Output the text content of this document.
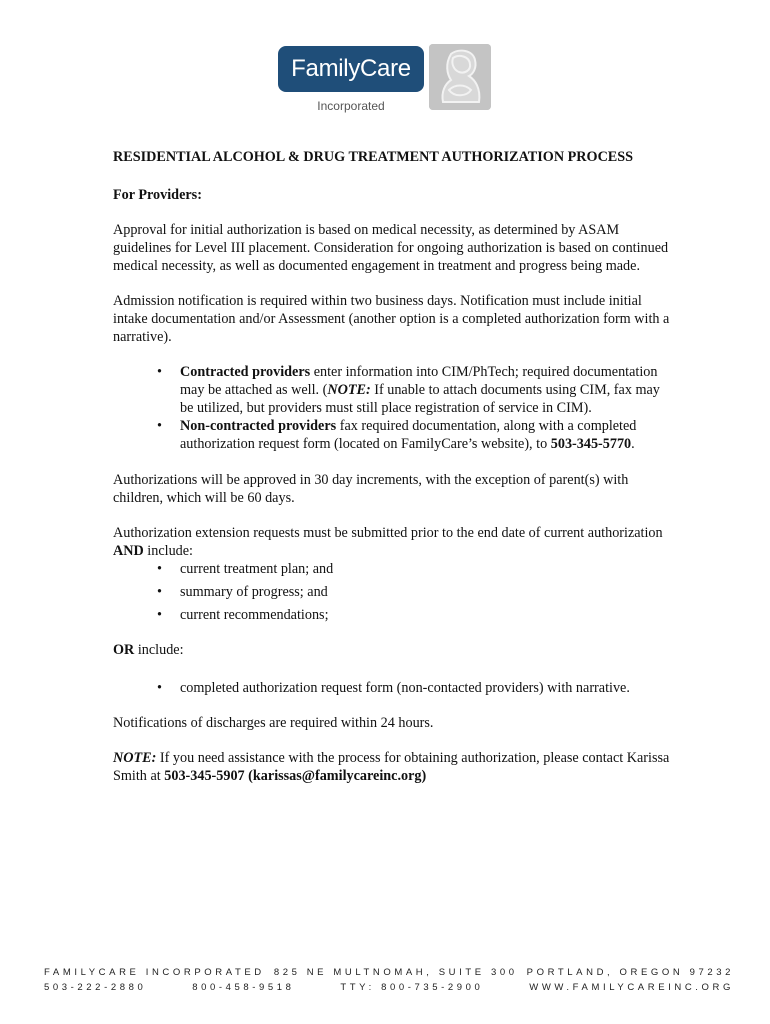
FamilyCare
Incorporated

RESIDENTIAL ALCOHOL & DRUG TREATMENT AUTHORIZATION PROCESS

For Providers:

Approval for initial authorization is based on medical necessity, as determined by ASAM guidelines for Level III placement. Consideration for ongoing authorization is based on continued medical necessity, as well as documented engagement in treatment and progress being made.

Admission notification is required within two business days. Notification must include initial intake documentation and/or Assessment (another option is a completed authorization form with a narrative).

• Contracted providers enter information into CIM/PhTech; required documentation may be attached as well. (NOTE: If unable to attach documents using CIM, fax may be utilized, but providers must still place registration of service in CIM).
• Non-contracted providers fax required documentation, along with a completed authorization request form (located on FamilyCare’s website), to 503-345-5770.

Authorizations will be approved in 30 day increments, with the exception of parent(s) with children, which will be 60 days.

Authorization extension requests must be submitted prior to the end date of current authorization AND include:

• current treatment plan; and
• summary of progress; and
• current recommendations;

OR include:

• completed authorization request form (non-contacted providers) with narrative.

Notifications of discharges are required within 24 hours.

NOTE: If you need assistance with the process for obtaining authorization, please contact Karissa Smith at 503-345-5907 (karissas@familycareinc.org)

FAMILYCARE INCORPORATED 825 NE MULTNOMAH, SUITE 300 PORTLAND, OREGON 97232
503-222-2880	800-458-9518	TTY: 800-735-2900	WWW.FAMILYCAREINC.ORG
